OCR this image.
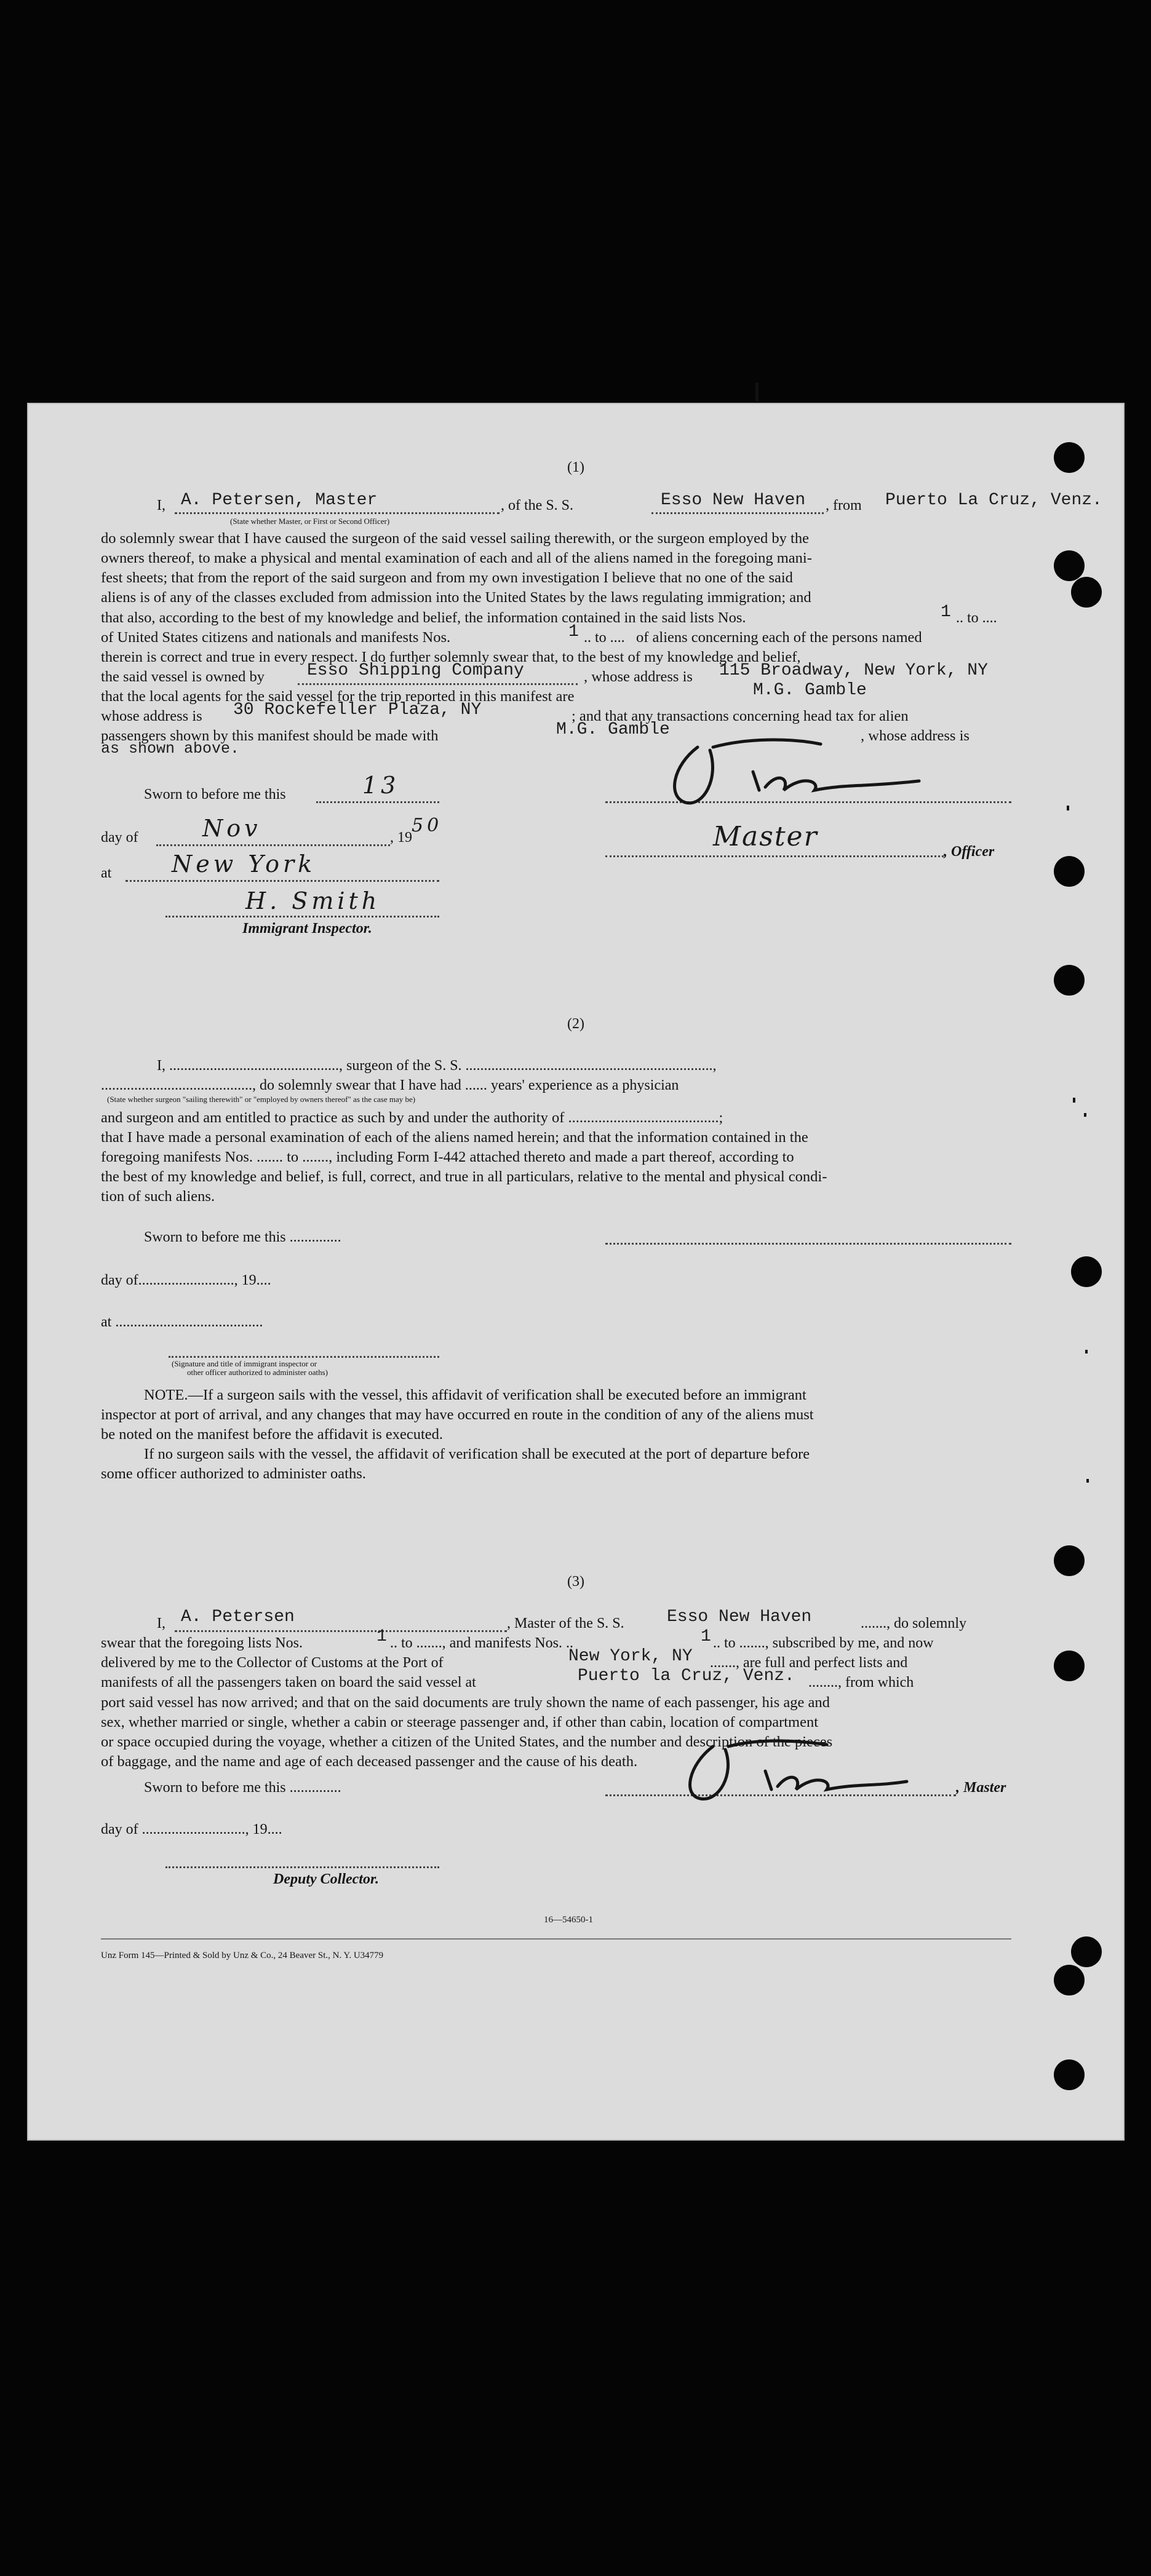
(1)
I, A. Petersen, Master	, of the S. S.	Esso New Haven , from Puerto La Cruz, Venz.
(State whether Master, or First or Second Officer)
do solemnly swear that I have caused the surgeon of the said vessel sailing therewith, or the surgeon employed by the
owners thereof, to make a physical and mental examination of each and all of the aliens named in the foregoing mani-
fest sheets; that from the report of the said surgeon and from my own investigation I believe that no one of the said
aliens is of any of the classes excluded from admission into the United States by the laws regulating immigration; and
that also, according to the best of my knowledge and belief, the information contained in the said lists Nos.	1 .. to ....
of United States citizens and nationals and manifests Nos.	1 .. to .... of aliens concerning each of the persons named
therein is correct and true in every respect. I do further solemnly swear that, to the best of my knowledge and belief,
the said vessel is owned by Esso Shipping Company	, whose address is 115 Broadway, New York, NY
that the local agents for the said vessel for the trip reported in this manifest are	M.G. Gamble
whose address is 30 Rockefeller Plaza, NY	; and that any transactions concerning head tax for alien
passengers shown by this manifest should be made with	M.G. Gamble	, whose address is
as shown above.
Sworn to before me this	13
day of	Nov	, 19
50
at	New York
H. Smith
Immigrant Inspector.
Master	, Officer
(2)
I, .............................................., surgeon of the S. S. ...................................................................,
........................................., do solemnly swear that I have had ...... years' experience as a physician
(State whether surgeon "sailing therewith" or "employed by owners thereof" as the case may be)
and surgeon and am entitled to practice as such by and under the authority of ........................................;
that I have made a personal examination of each of the aliens named herein; and that the information contained in the
foregoing manifests Nos. ....... to ......., including Form I-442 attached thereto and made a part thereof, according to
the best of my knowledge and belief, is full, correct, and true in all particulars, relative to the mental and physical condi-
tion of such aliens.
Sworn to before me this ..............
day of.........................., 19....
at ........................................
(Signature and title of immigrant inspector or
other officer authorized to administer oaths)
NOTE.—If a surgeon sails with the vessel, this affidavit of verification shall be executed before an immigrant
inspector at port of arrival, and any changes that may have occurred en route in the condition of any of the aliens must
be noted on the manifest before the affidavit is executed.
If no surgeon sails with the vessel, the affidavit of verification shall be executed at the port of departure before
some officer authorized to administer oaths.
(3)
I, A. Petersen	, Master of the S. S. Esso New Haven	......., do solemnly
swear that the foregoing lists Nos.	1 .. to ......., and manifests Nos. ..	1 .. to ......., subscribed by me, and now
delivered by me to the Collector of Customs at the Port of	New York, NY ......., are full and perfect lists and
manifests of all the passengers taken on board the said vessel at	Puerto la Cruz, Venz. ........, from which
port said vessel has now arrived; and that on the said documents are truly shown the name of each passenger, his age and
sex, whether married or single, whether a cabin or steerage passenger and, if other than cabin, location of compartment
or space occupied during the voyage, whether a citizen of the United States, and the number and description of the pieces
of baggage, and the name and age of each deceased passenger and the cause of his death.
Sworn to before me this ..............	, Master
day of ............................, 19....
Deputy Collector.
16—54650-1
Unz Form 145—Printed & Sold by Unz & Co., 24 Beaver St., N. Y. U34779
